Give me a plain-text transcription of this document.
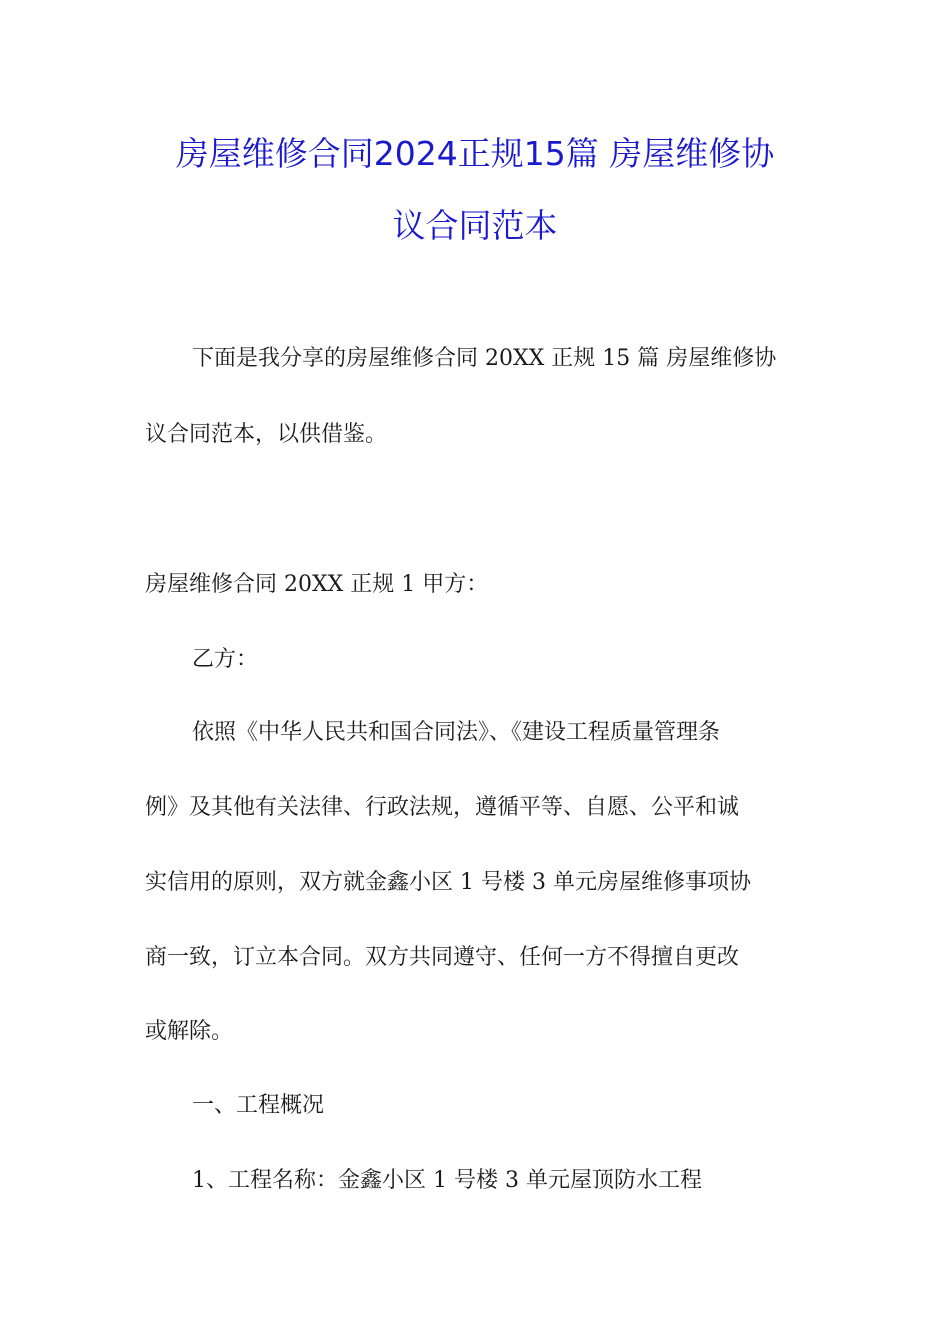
房屋维修合同2024正规15篇 房屋维修协
议合同范本
下面是我分享的房屋维修合同 20XX 正规 15 篇 房屋维修协
议合同范本，以供借鉴。
房屋维修合同 20XX 正规 1 甲方：
乙方：
依照《中华人民共和国合同法》、《建设工程质量管理条
例》及其他有关法律、行政法规，遵循平等、自愿、公平和诚
实信用的原则，双方就金鑫小区 1 号楼 3 单元房屋维修事项协
商一致，订立本合同。双方共同遵守、任何一方不得擅自更改
或解除。
一、工程概况
1、工程名称：金鑫小区 1 号楼 3 单元屋顶防水工程
